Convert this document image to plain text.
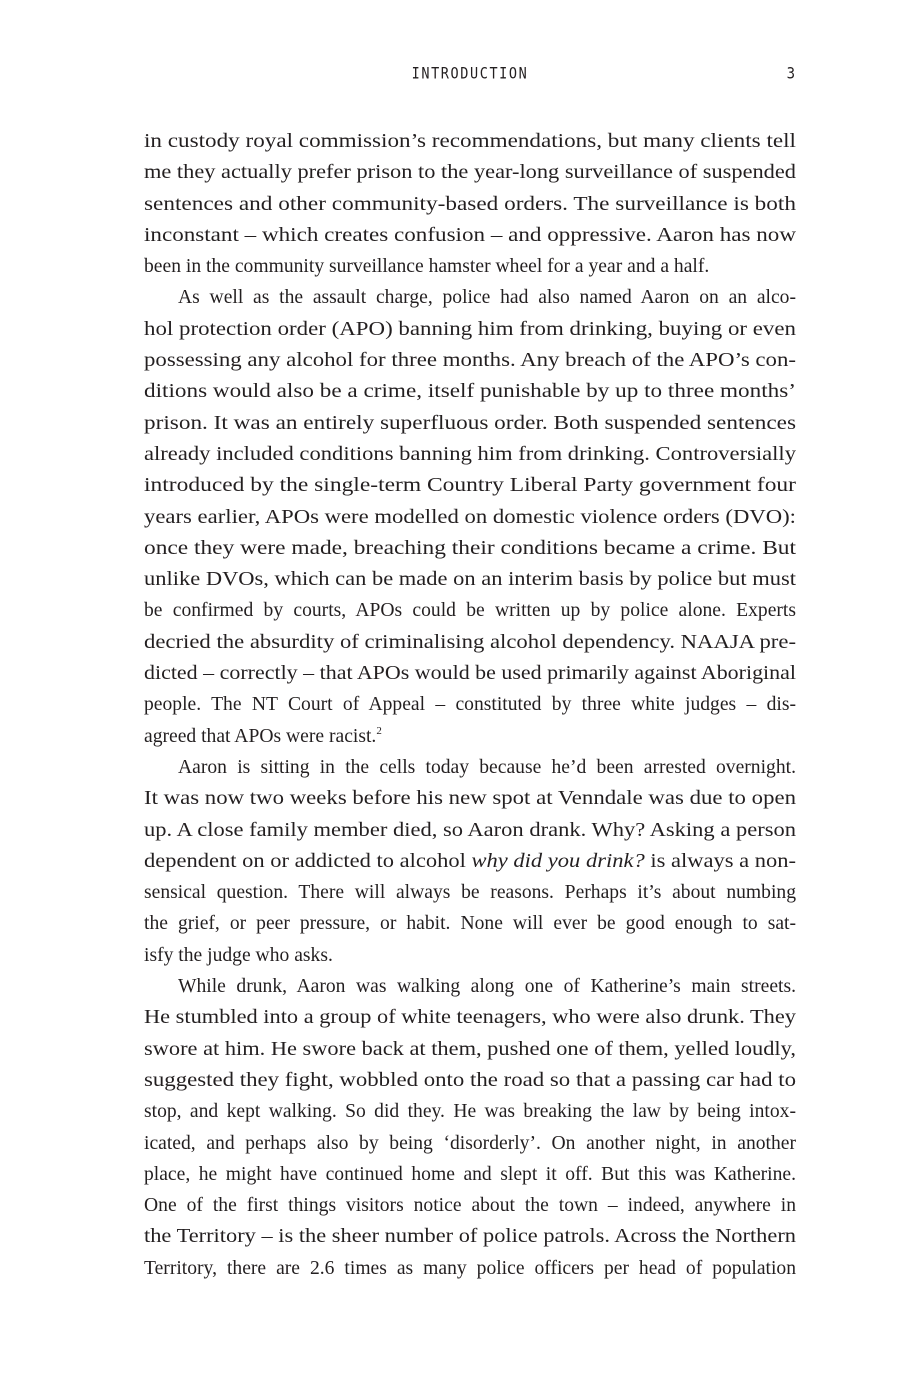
INTRODUCTION	3

in custody royal commission’s recommendations, but many clients tell
me they actually prefer prison to the year-long surveillance of suspended
sentences and other community-based orders. The surveillance is both
inconstant – which creates confusion – and oppressive. Aaron has now
been in the community surveillance hamster wheel for a year and a half.

As well as the assault charge, police had also named Aaron on an alco-
hol protection order (APO) banning him from drinking, buying or even
possessing any alcohol for three months. Any breach of the APO’s con-
ditions would also be a crime, itself punishable by up to three months’
prison. It was an entirely superfluous order. Both suspended sentences
already included conditions banning him from drinking. Controversially
introduced by the single-term Country Liberal Party government four
years earlier, APOs were modelled on domestic violence orders (DVO):
once they were made, breaching their conditions became a crime. But
unlike DVOs, which can be made on an interim basis by police but must
be confirmed by courts, APOs could be written up by police alone. Experts
decried the absurdity of criminalising alcohol dependency. NAAJA pre-
dicted – correctly – that APOs would be used primarily against Aboriginal
people. The NT Court of Appeal – constituted by three white judges – dis-
agreed that APOs were racist.$^2$

Aaron is sitting in the cells today because he’d been arrested overnight.
It was now two weeks before his new spot at Venndale was due to open
up. A close family member died, so Aaron drank. Why? Asking a person
dependent on or addicted to alcohol why did you drink? is always a non-
sensical question. There will always be reasons. Perhaps it’s about numbing
the grief, or peer pressure, or habit. None will ever be good enough to sat-
isfy the judge who asks.

While drunk, Aaron was walking along one of Katherine’s main streets.
He stumbled into a group of white teenagers, who were also drunk. They
swore at him. He swore back at them, pushed one of them, yelled loudly,
suggested they fight, wobbled onto the road so that a passing car had to
stop, and kept walking. So did they. He was breaking the law by being intox-
icated, and perhaps also by being ‘disorderly’. On another night, in another
place, he might have continued home and slept it off. But this was Katherine.
One of the first things visitors notice about the town – indeed, anywhere in
the Territory – is the sheer number of police patrols. Across the Northern
Territory, there are 2.6 times as many police officers per head of population
